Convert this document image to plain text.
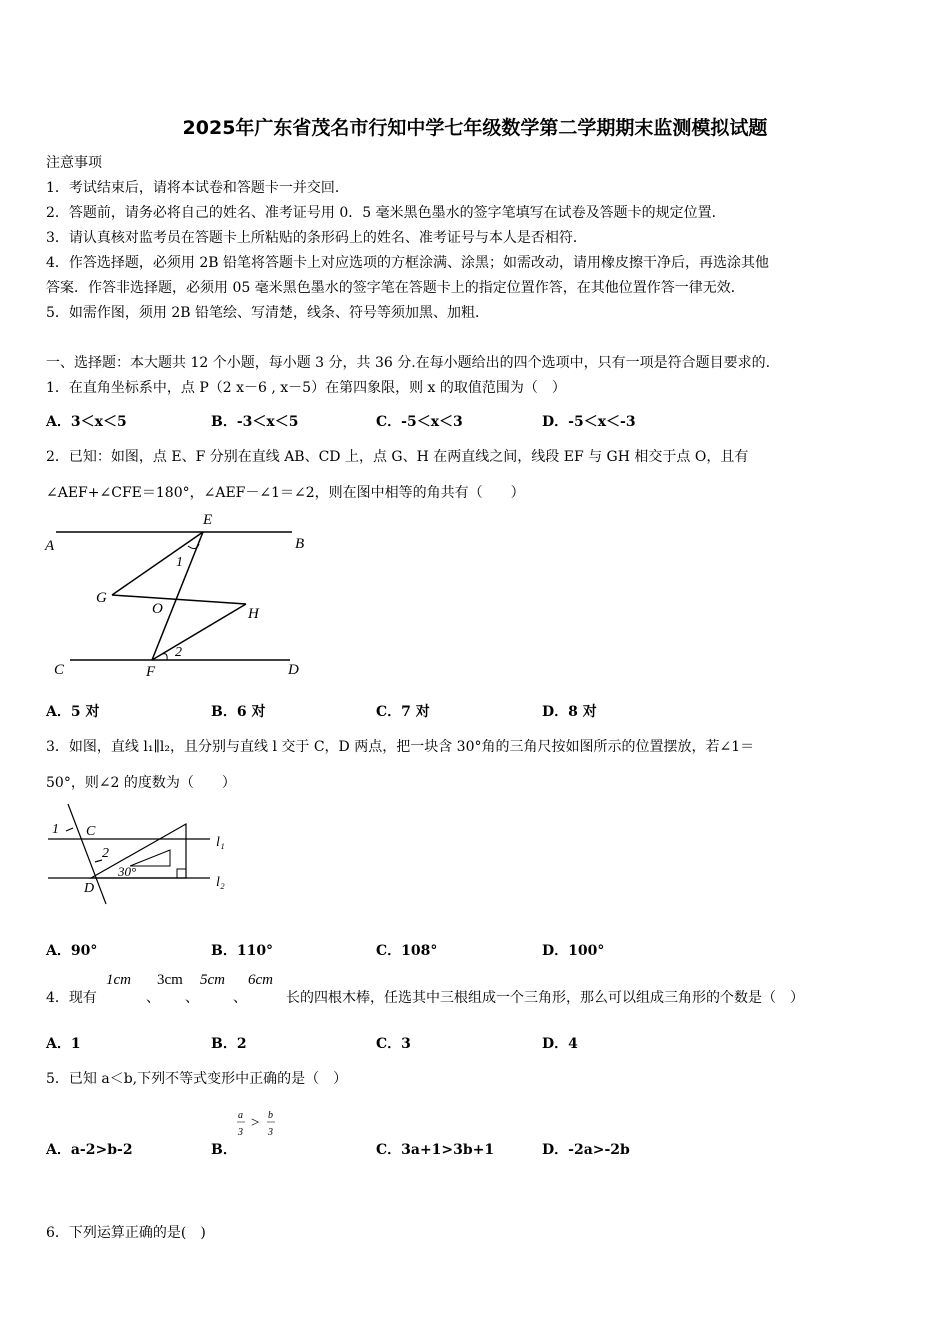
2025年广东省茂名市行知中学七年级数学第二学期期末监测模拟试题
注意事项
1．考试结束后，请将本试卷和答题卡一并交回．
2．答题前，请务必将自己的姓名、准考证号用 0．5 毫米黑色墨水的签字笔填写在试卷及答题卡的规定位置．
3．请认真核对监考员在答题卡上所粘贴的条形码上的姓名、准考证号与本人是否相符．
4．作答选择题，必须用 2B 铅笔将答题卡上对应选项的方框涂满、涂黑；如需改动，请用橡皮擦干净后，再选涂其他
答案．作答非选择题，必须用 05 毫米黑色墨水的签字笔在答题卡上的指定位置作答，在其他位置作答一律无效．
5．如需作图，须用 2B 铅笔绘、写清楚，线条、符号等须加黑、加粗．
一、选择题：本大题共 12 个小题，每小题 3 分，共 36 分.在每小题给出的四个选项中，只有一项是符合题目要求的.
1．在直角坐标系中，点 P（2 x－6 , x－5）在第四象限，则 x 的取值范围为（　）
A．3＜x＜5	B．-3＜x＜5	C．-5＜x＜3	D．-5＜x＜-3
2．已知：如图，点 E、F 分别在直线 AB、CD 上，点 G、H 在两直线之间，线段 EF 与 GH 相交于点 O，且有
∠AEF+∠CFE＝180°，∠AEF－∠1＝∠2，则在图中相等的角共有（　　）
A	B
C	D
E
F
G
H
O
1
2
A．5 对	B．6 对	C．7 对	D．8 对
3．如图，直线 l₁∥l₂，且分别与直线 l 交于 C，D 两点，把一块含 30°角的三角尺按如图所示的位置摆放，若∠1＝
50°，则∠2 的度数为（　　）
1 C
2
D
30°
l₁
l₂
A．90°	B．110°	C．108°	D．100°
4．现有
1cm
、
3cm
、
5cm
、
6cm
长的四根木棒，任选其中三根组成一个三角形，那么可以组成三角形的个数是（　）
A．1	B．2	C．3	D．4
5．已知 a＜b,下列不等式变形中正确的是（　）
A．a-2>b-2	B．
a
3
> b
3
C．3a+1>3b+1	D．-2a>-2b
6．下列运算正确的是(　)
